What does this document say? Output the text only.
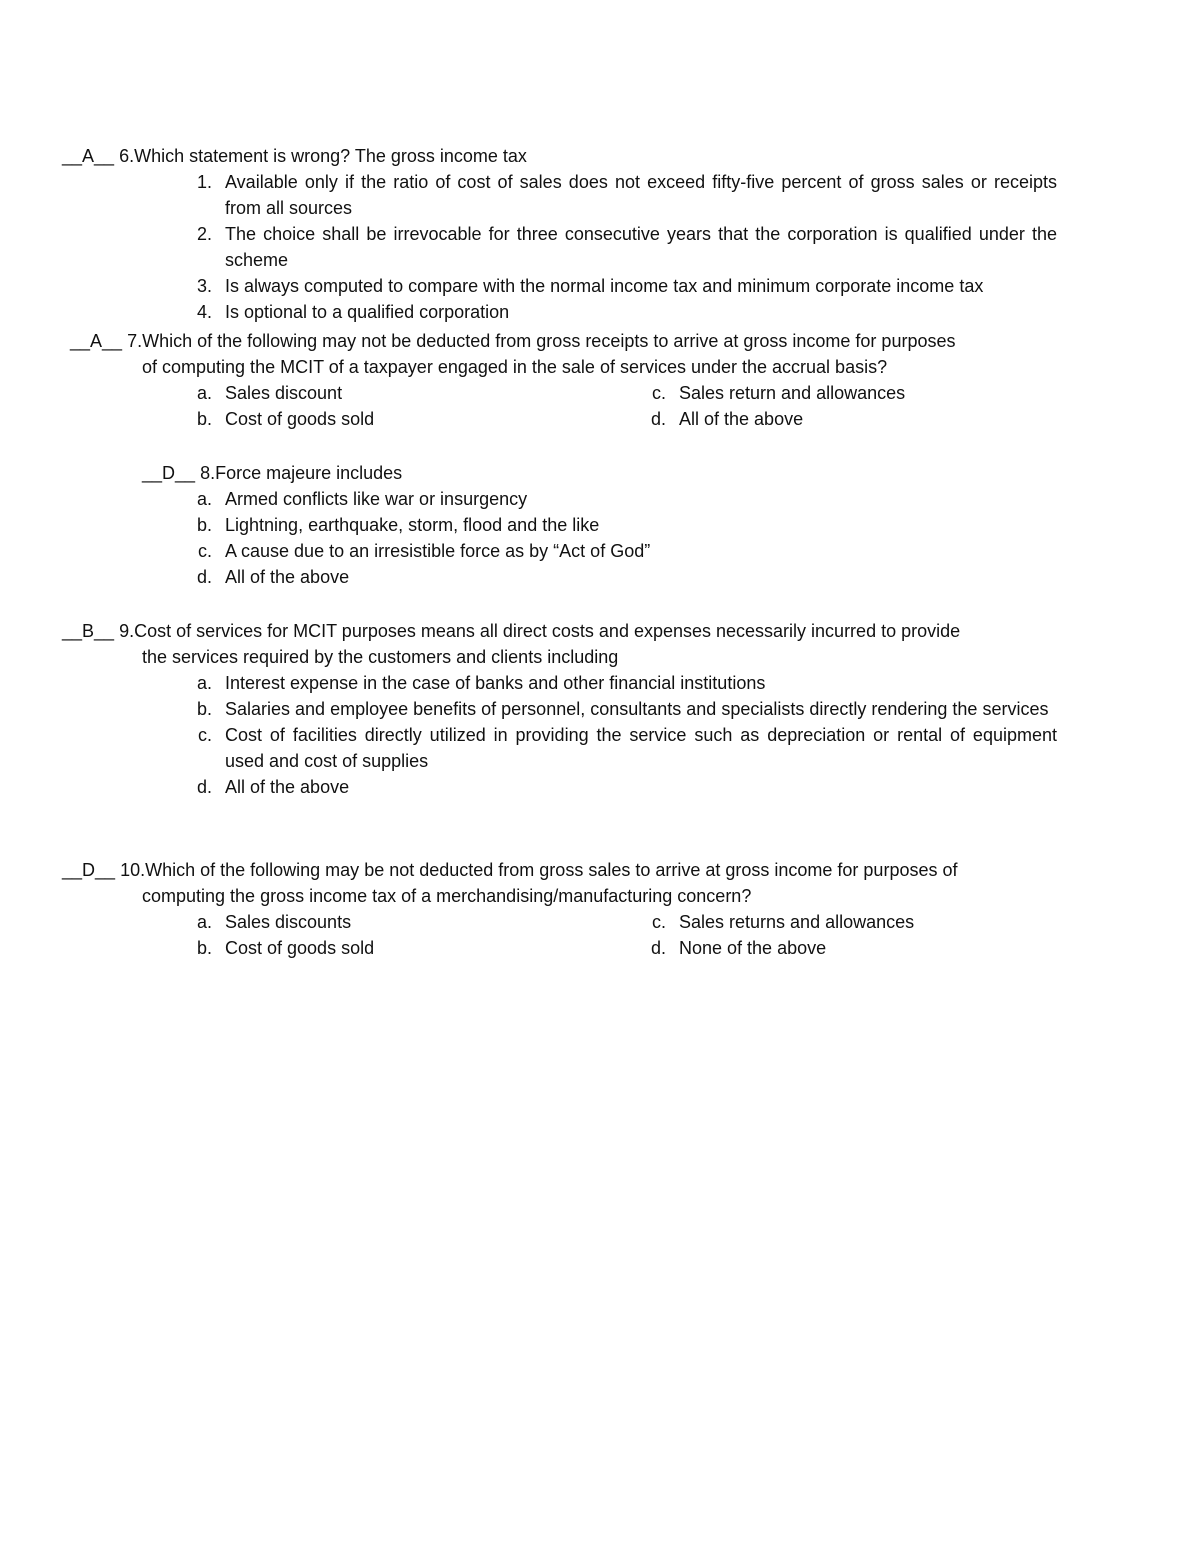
__A__ 6.Which statement is wrong? The gross income tax
1. Available only if the ratio of cost of sales does not exceed fifty-five percent of gross sales or receipts from all sources
2. The choice shall be irrevocable for three consecutive years that the corporation is qualified under the scheme
3. Is always computed to compare with the normal income tax and minimum corporate income tax
4. Is optional to a qualified corporation
__A__ 7.Which of the following may not be deducted from gross receipts to arrive at gross income for purposes
of computing the MCIT of a taxpayer engaged in the sale of services under the accrual basis?
a. Sales discount	c. Sales return and allowances
b. Cost of goods sold	d. All of the above
__D__ 8.Force majeure includes
a. Armed conflicts like war or insurgency
b. Lightning, earthquake, storm, flood and the like
c. A cause due to an irresistible force as by “Act of God”
d. All of the above
__B__ 9.Cost of services for MCIT purposes means all direct costs and expenses necessarily incurred to provide
the services required by the customers and clients including
a. Interest expense in the case of banks and other financial institutions
b. Salaries and employee benefits of personnel, consultants and specialists directly rendering the services
c. Cost of facilities directly utilized in providing the service such as depreciation or rental of equipment used and cost of supplies
d. All of the above
__D__ 10.Which of the following may be not deducted from gross sales to arrive at gross income for purposes of
computing the gross income tax of a merchandising/manufacturing concern?
a. Sales discounts	c. Sales returns and allowances
b. Cost of goods sold	d. None of the above
